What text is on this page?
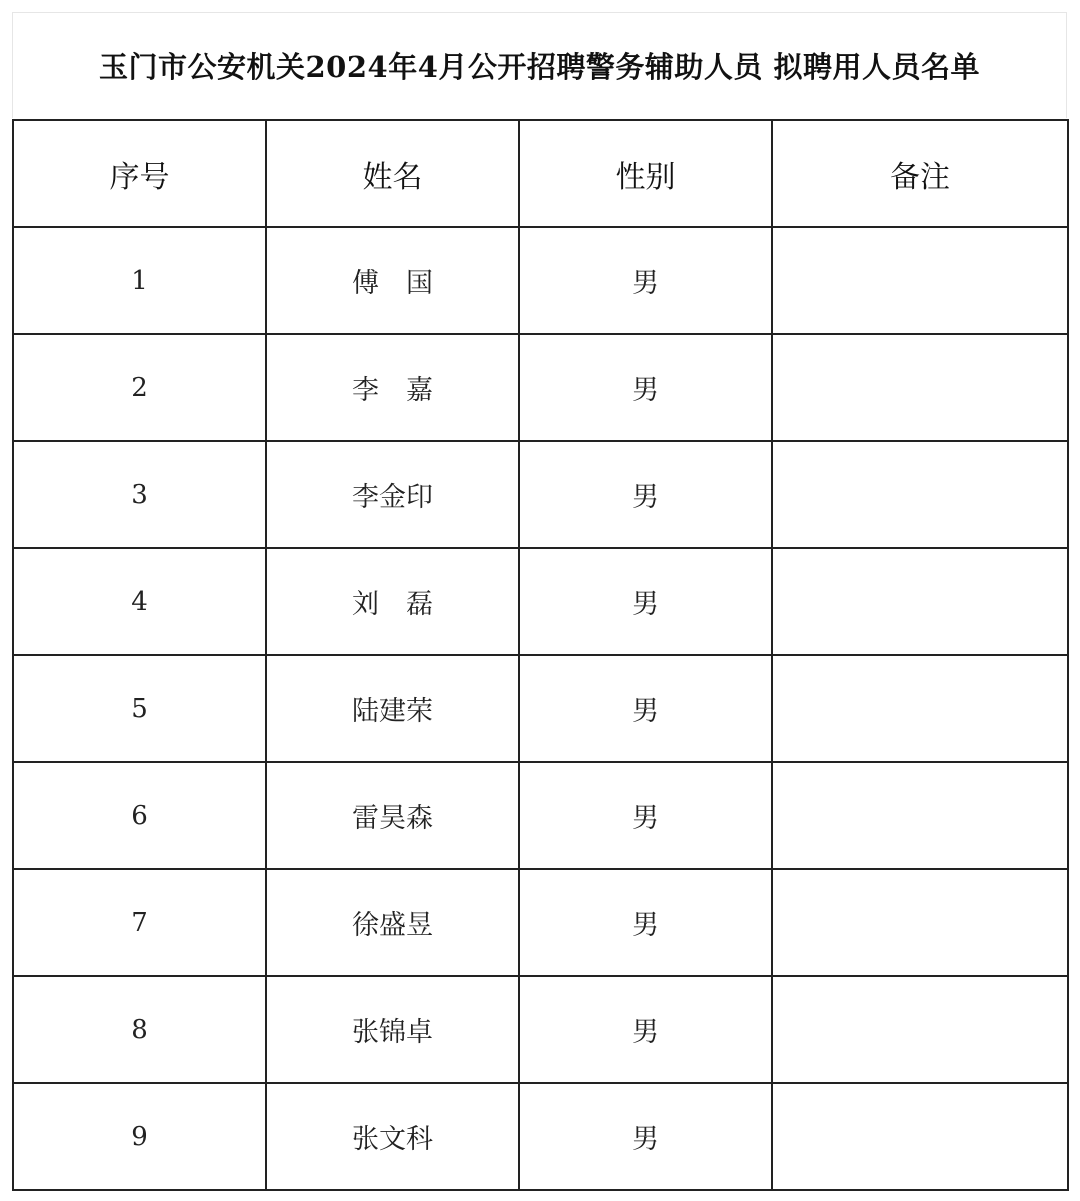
玉门市公安机关2024年4月公开招聘警务辅助人员 拟聘用人员名单
序号	姓名	性别	备注
1	傅　国	男	
2	李　嘉	男	
3	李金印	男	
4	刘　磊	男	
5	陆建荣	男	
6	雷昊森	男	
7	徐盛昱	男	
8	张锦卓	男	
9	张文科	男	
